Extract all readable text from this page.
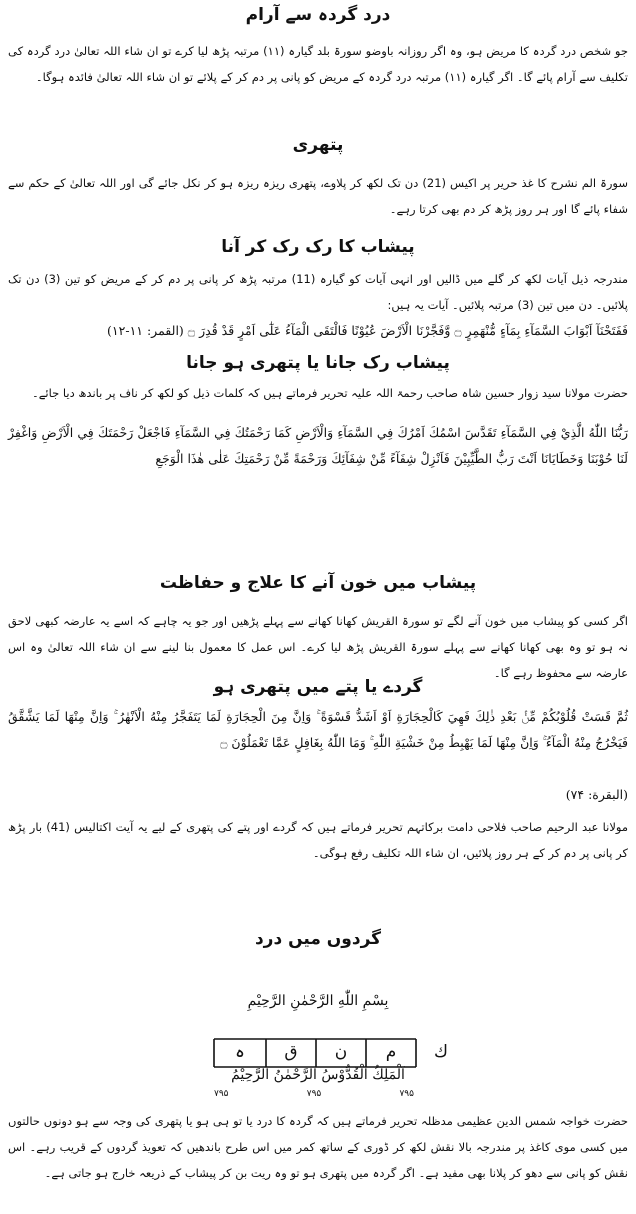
درد گردہ سے آرام
جو شخص درد گردہ کا مریض ہو، وہ اگر روزانہ باوضو سورۃ بلد گیارہ (۱۱) مرتبہ پڑھ لیا کرے تو ان شاء اللہ تعالیٰ درد گردہ کی تکلیف سے آرام پائے گا۔ اگر گیارہ (۱۱) مرتبہ درد گردہ کے مریض کو پانی پر دم کر کے پلائے تو ان شاء اللہ تعالیٰ فائدہ ہوگا۔
پتھری
سورۃ الم نشرح کا غذ حریر پر اکیس (21) دن تک لکھ کر پلاوے، پتھری ریزہ ریزہ ہو کر نکل جائے گی اور اللہ تعالیٰ کے حکم سے شفاء پائے گا اور ہر روز پڑھ کر دم بھی کرتا رہے۔
پیشاب کا رک رک کر آنا
مندرجہ ذیل آیات لکھ کر گلے میں ڈالیں اور انہی آیات کو گیارہ (11) مرتبہ پڑھ کر پانی پر دم کر کے مریض کو تین (3) دن تک پلائیں۔ دن میں تین (3) مرتبہ پلائیں۔ آیات یہ ہیں:
فَفَتَحْنَآ اَبْوَابَ السَّمَآءِ بِمَآءٍ مُّنْهَمِرٍ ۝ وَّفَجَّرْنَا الْاَرْضَ عُيُوْنًا فَالْتَقَى الْمَآءُ عَلٰٓى اَمْرٍ قَدْ قُدِرَ ۝ (القمر: ۱۱-۱۲)
پیشاب رک جانا یا پتھری ہو جانا
حضرت مولانا سید زوار حسین شاہ صاحب رحمۃ اللہ علیہ تحریر فرماتے ہیں کہ کلمات ذیل کو لکھ کر ناف پر باندھ دیا جائے۔
رَبُّنَا اللّٰهُ الَّذِيْ فِي السَّمَآءِ تَقَدَّسَ اسْمُكَ اَمْرُكَ فِي السَّمَآءِ وَالْاَرْضِ كَمَا رَحْمَتُكَ فِي السَّمَآءِ فَاجْعَلْ رَحْمَتَكَ فِي الْاَرْضِ وَاغْفِرْ لَنَا حُوْبَنَا وَخَطَايَانَا اَنْتَ رَبُّ الطَّيِّبِيْنَ فَاَنْزِلْ شِفَآءً مِّنْ شِفَآئِكَ وَرَحْمَةً مِّنْ رَحْمَتِكَ عَلٰى هٰذَا الْوَجَعِ
پیشاب میں خون آنے کا علاج و حفاظت
اگر کسی کو پیشاب میں خون آنے لگے تو سورۃ القریش کھانا کھانے سے پہلے پڑھیں اور جو یہ چاہے کہ اسے یہ عارضہ کبھی لاحق نہ ہو تو وہ بھی کھانا کھانے سے پہلے سورۃ القریش پڑھ لیا کرے۔ اس عمل کا معمول بنا لینے سے ان شاء اللہ تعالیٰ وہ اس عارضہ سے محفوظ رہے گا۔
گردے یا پتے میں پتھری ہو
ثُمَّ قَسَتْ قُلُوْبُكُمْ مِّنْۢ بَعْدِ ذٰلِكَ فَهِيَ كَالْحِجَارَةِ اَوْ اَشَدُّ قَسْوَةً ۚ وَاِنَّ مِنَ الْحِجَارَةِ لَمَا يَتَفَجَّرُ مِنْهُ الْاَنْهٰرُ ۚ وَاِنَّ مِنْهَا لَمَا يَشَّقَّقُ فَيَخْرُجُ مِنْهُ الْمَآءُ ۚ وَاِنَّ مِنْهَا لَمَا يَهْبِطُ مِنْ خَشْيَةِ اللّٰهِ ۚ وَمَا اللّٰهُ بِغَافِلٍ عَمَّا تَعْمَلُوْنَ ۝
(البقرة: ۷۴)
مولانا عبد الرحیم صاحب فلاحی دامت برکاتہم تحریر فرماتے ہیں کہ گردے اور پتے کی پتھری کے لیے یہ آیت اکتالیس (41) بار پڑھ کر پانی پر دم کر کے ہر روز پلائیں، ان شاء اللہ تکلیف رفع ہوگی۔
گردوں میں درد
بِسْمِ اللّٰهِ الرَّحْمٰنِ الرَّحِيْمِ
ہ	ق	ن	م	ك
اَلْمَلِكُ الْقُدُّوْسُ الرَّحْمٰنُ الرَّحِيْمُ
۷۹۵	۷۹۵	۷۹۵
حضرت خواجہ شمس الدین عظیمی مدظلہ تحریر فرماتے ہیں کہ گردہ کا درد یا تو ہی ہو یا پتھری کی وجہ سے ہو دونوں حالتوں میں کسی موی کاغذ پر مندرجہ بالا نقش لکھ کر ڈوری کے ساتھ کمر میں اس طرح باندھیں کہ تعویذ گردوں کے قریب رہے۔ اس نقش کو پانی سے دھو کر پلانا بھی مفید ہے۔ اگر گردہ میں پتھری ہو تو وہ ریت بن کر پیشاب کے ذریعہ خارج ہو جاتی ہے۔
